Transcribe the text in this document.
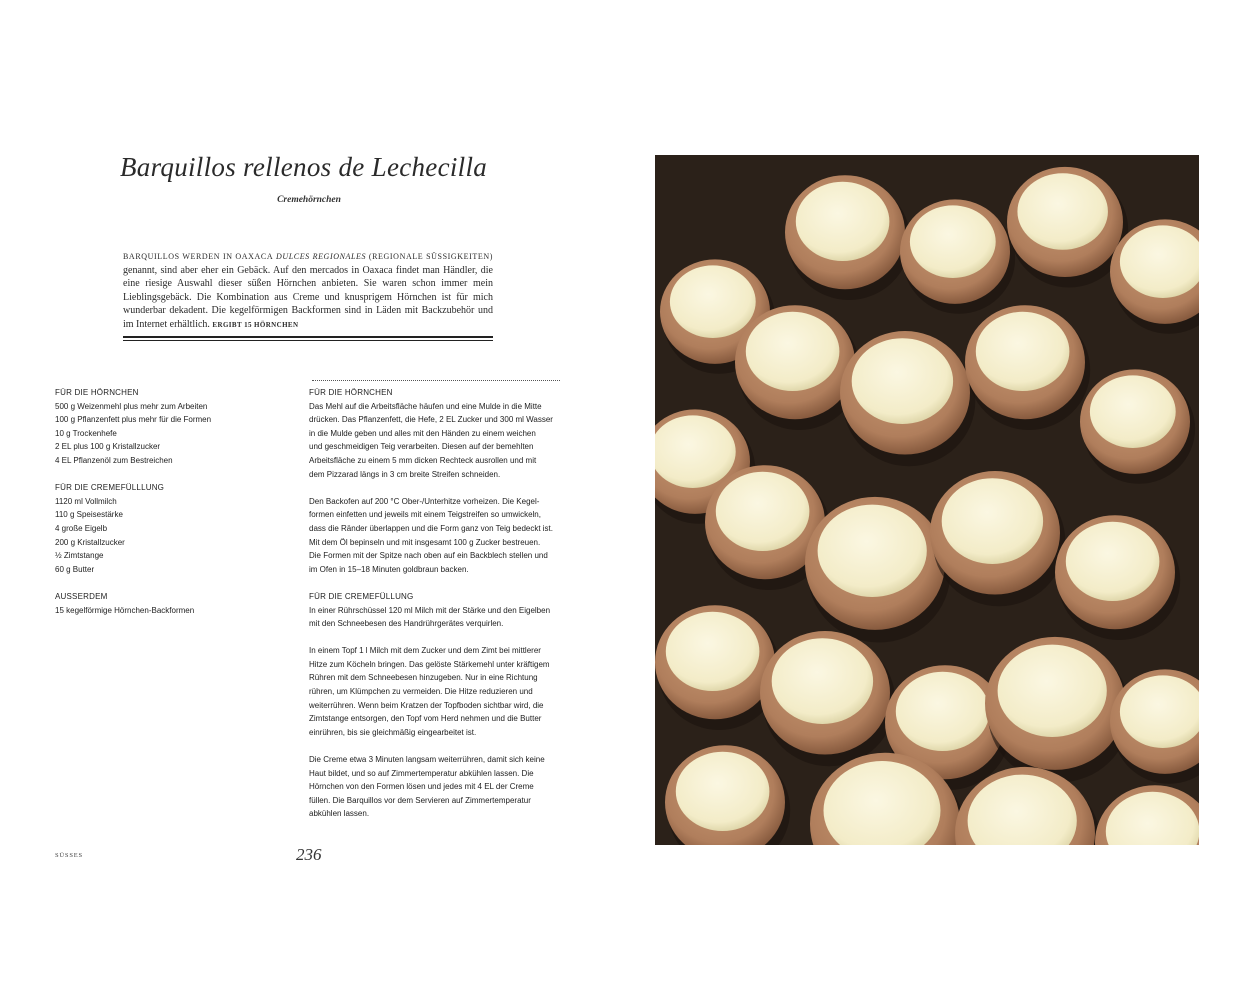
Barquillos rellenos de Lechecilla
Cremehörnchen

BARQUILLOS WERDEN IN OAXACA DULCES REGIONALES (REGIONALE SÜSSIGKEITEN) genannt, sind aber eher ein Gebäck. Auf den mercados in Oaxaca findet man Händler, die eine riesige Auswahl dieser süßen Hörnchen anbieten. Sie waren schon immer mein Lieblingsgebäck. Die Kombination aus Creme und knusprigem Hörnchen ist für mich wunderbar dekadent. Die kegelförmigen Backformen sind in Läden mit Backzubehör und im Internet erhältlich. ERGIBT 15 HÖRNCHEN

FÜR DIE HÖRNCHEN
500 g Weizenmehl plus mehr zum Arbeiten
100 g Pflanzenfett plus mehr für die Formen
10 g Trockenhefe
2 EL plus 100 g Kristallzucker
4 EL Pflanzenöl zum Bestreichen
FÜR DIE CREMEFÜLLLUNG
1120 ml Vollmilch
110 g Speisestärke
4 große Eigelb
200 g Kristallzucker
½ Zimtstange
60 g Butter
AUSSERDEM
15 kegelförmige Hörnchen-Backformen
FÜR DIE HÖRNCHEN
Das Mehl auf die Arbeitsfläche häufen und eine Mulde in die Mitte
drücken. Das Pflanzenfett, die Hefe, 2 EL Zucker und 300 ml Wasser
in die Mulde geben und alles mit den Händen zu einem weichen
und geschmeidigen Teig verarbeiten. Diesen auf der bemehlten
Arbeitsfläche zu einem 5 mm dicken Rechteck ausrollen und mit
dem Pizzarad längs in 3 cm breite Streifen schneiden.
Den Backofen auf 200 °C Ober-/Unterhitze vorheizen. Die Kegel-
formen einfetten und jeweils mit einem Teigstreifen so umwickeln,
dass die Ränder überlappen und die Form ganz von Teig bedeckt ist.
Mit dem Öl bepinseln und mit insgesamt 100 g Zucker bestreuen.
Die Formen mit der Spitze nach oben auf ein Backblech stellen und
im Ofen in 15–18 Minuten goldbraun backen.
FÜR DIE CREMEFÜLLUNG
In einer Rührschüssel 120 ml Milch mit der Stärke und den Eigelben
mit den Schneebesen des Handrührgerätes verquirlen.
In einem Topf 1 l Milch mit dem Zucker und dem Zimt bei mittlerer
Hitze zum Köcheln bringen. Das gelöste Stärkemehl unter kräftigem
Rühren mit dem Schneebesen hinzugeben. Nur in eine Richtung
rühren, um Klümpchen zu vermeiden. Die Hitze reduzieren und
weiterrühren. Wenn beim Kratzen der Topfboden sichtbar wird, die
Zimtstange entsorgen, den Topf vom Herd nehmen und die Butter
einrühren, bis sie gleichmäßig eingearbeitet ist.
Die Creme etwa 3 Minuten langsam weiterrühren, damit sich keine
Haut bildet, und so auf Zimmertemperatur abkühlen lassen. Die
Hörnchen von den Formen lösen und jedes mit 4 EL der Creme
füllen. Die Barquillos vor dem Servieren auf Zimmertemperatur
abkühlen lassen.
SÜSSES	236
